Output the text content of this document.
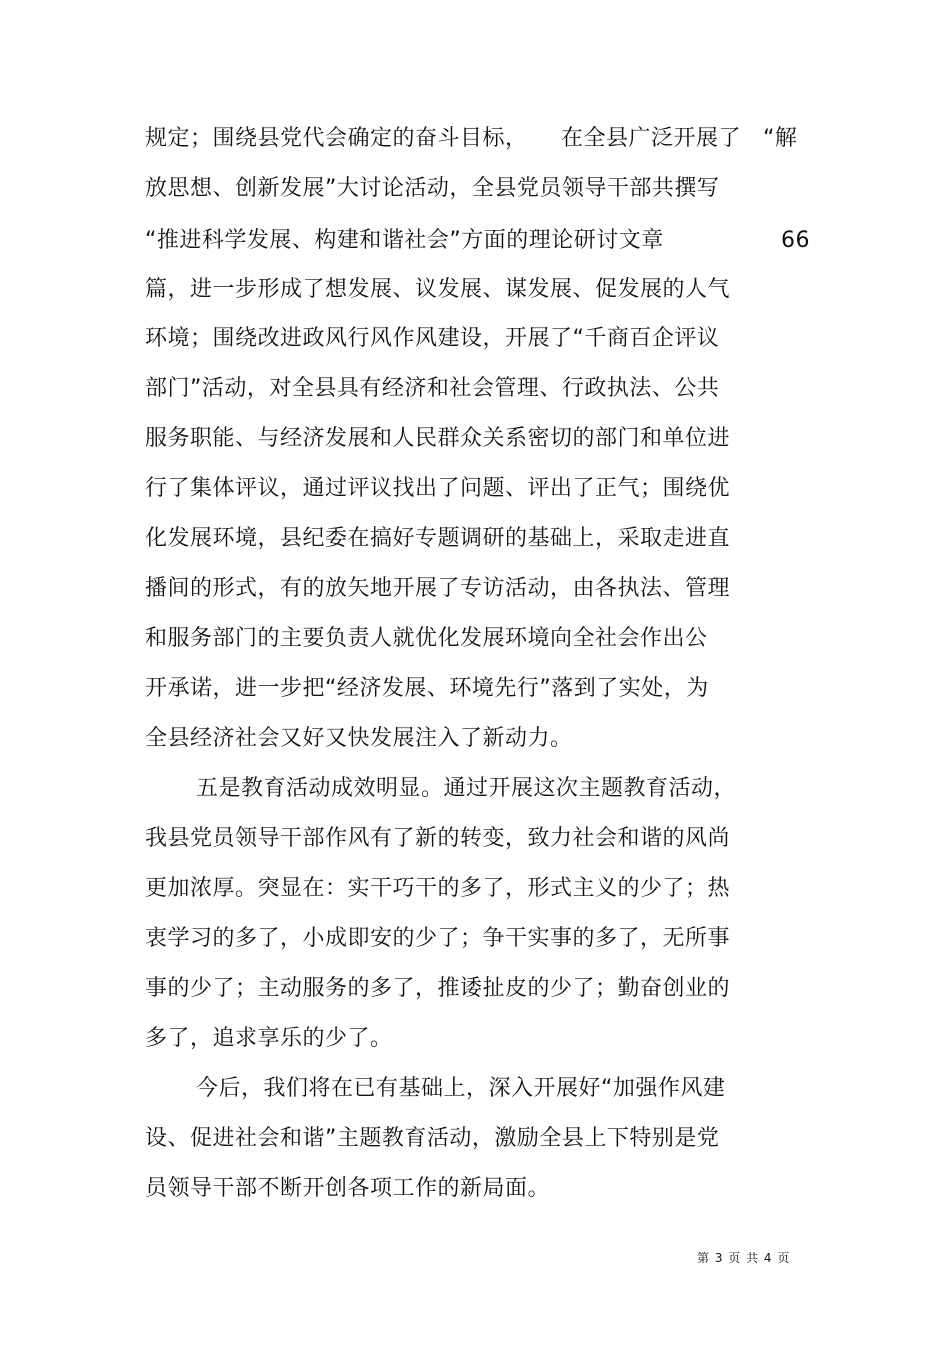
规定；围绕县党代会确定的奋斗目标， 在全县广泛开展了 “解
放思想、创新发展”大讨论活动，全县党员领导干部共撰写
“推进科学发展、构建和谐社会”方面的理论研讨文章	66
篇，进一步形成了想发展、议发展、谋发展、促发展的人气
环境；围绕改进政风行风作风建设，开展了“千商百企评议
部门”活动，对全县具有经济和社会管理、行政执法、公共
服务职能、与经济发展和人民群众关系密切的部门和单位进
行了集体评议，通过评议找出了问题、评出了正气；围绕优
化发展环境，县纪委在搞好专题调研的基础上，采取走进直
播间的形式，有的放矢地开展了专访活动，由各执法、管理
和服务部门的主要负责人就优化发展环境向全社会作出公
开承诺，进一步把“经济发展、环境先行”落到了实处，为
全县经济社会又好又快发展注入了新动力。
五是教育活动成效明显。通过开展这次主题教育活动，
我县党员领导干部作风有了新的转变，致力社会和谐的风尚
更加浓厚。突显在：实干巧干的多了，形式主义的少了；热
衷学习的多了，小成即安的少了；争干实事的多了，无所事
事的少了；主动服务的多了，推诿扯皮的少了；勤奋创业的
多了，追求享乐的少了。
今后，我们将在已有基础上，深入开展好“加强作风建
设、促进社会和谐”主题教育活动，激励全县上下特别是党
员领导干部不断开创各项工作的新局面。
第 3 页 共 4 页
